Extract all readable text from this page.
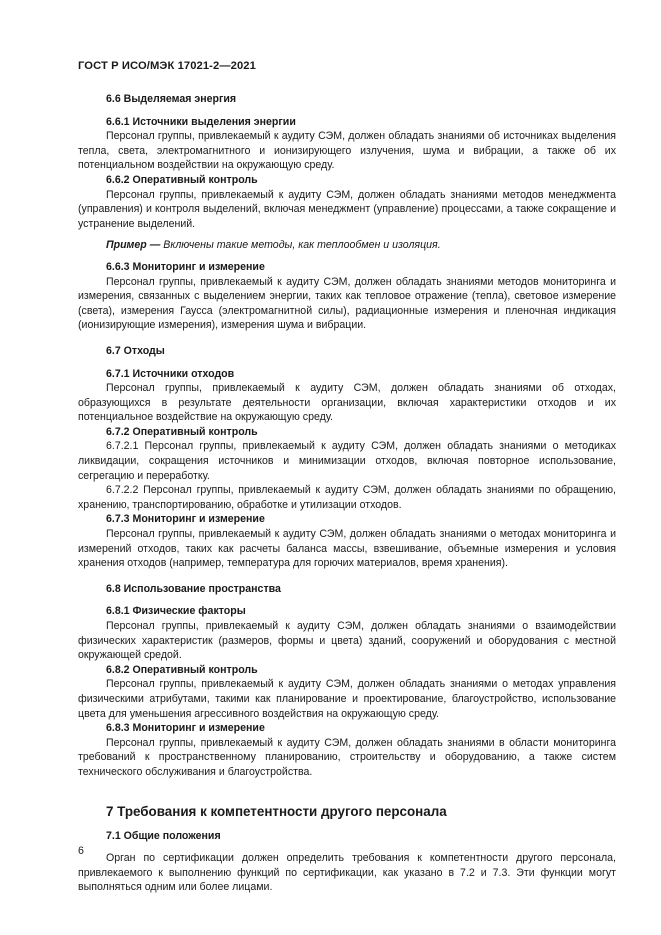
ГОСТ Р ИСО/МЭК 17021-2—2021
6.6 Выделяемая энергия
6.6.1 Источники выделения энергии
Персонал группы, привлекаемый к аудиту СЭМ, должен обладать знаниями об источниках выделения тепла, света, электромагнитного и ионизирующего излучения, шума и вибрации, а также об их потенциальном воздействии на окружающую среду.
6.6.2 Оперативный контроль
Персонал группы, привлекаемый к аудиту СЭМ, должен обладать знаниями методов менеджмента (управления) и контроля выделений, включая менеджмент (управление) процессами, а также сокращение и устранение выделений.
Пример — Включены такие методы, как теплообмен и изоляция.
6.6.3 Мониторинг и измерение
Персонал группы, привлекаемый к аудиту СЭМ, должен обладать знаниями методов мониторинга и измерения, связанных с выделением энергии, таких как тепловое отражение (тепла), световое измерение (света), измерения Гаусса (электромагнитной силы), радиационные измерения и пленочная индикация (ионизирующие измерения), измерения шума и вибрации.
6.7 Отходы
6.7.1 Источники отходов
Персонал группы, привлекаемый к аудиту СЭМ, должен обладать знаниями об отходах, образующихся в результате деятельности организации, включая характеристики отходов и их потенциальное воздействие на окружающую среду.
6.7.2 Оперативный контроль
6.7.2.1 Персонал группы, привлекаемый к аудиту СЭМ, должен обладать знаниями о методиках ликвидации, сокращения источников и минимизации отходов, включая повторное использование, сегрегацию и переработку.
6.7.2.2 Персонал группы, привлекаемый к аудиту СЭМ, должен обладать знаниями по обращению, хранению, транспортированию, обработке и утилизации отходов.
6.7.3 Мониторинг и измерение
Персонал группы, привлекаемый к аудиту СЭМ, должен обладать знаниями о методах мониторинга и измерений отходов, таких как расчеты баланса массы, взвешивание, объемные измерения и условия хранения отходов (например, температура для горючих материалов, время хранения).
6.8 Использование пространства
6.8.1 Физические факторы
Персонал группы, привлекаемый к аудиту СЭМ, должен обладать знаниями о взаимодействии физических характеристик (размеров, формы и цвета) зданий, сооружений и оборудования с местной окружающей средой.
6.8.2 Оперативный контроль
Персонал группы, привлекаемый к аудиту СЭМ, должен обладать знаниями о методах управления физическими атрибутами, такими как планирование и проектирование, благоустройство, использование цвета для уменьшения агрессивного воздействия на окружающую среду.
6.8.3 Мониторинг и измерение
Персонал группы, привлекаемый к аудиту СЭМ, должен обладать знаниями в области мониторинга требований к пространственному планированию, строительству и оборудованию, а также систем технического обслуживания и благоустройства.
7 Требования к компетентности другого персонала
7.1 Общие положения
Орган по сертификации должен определить требования к компетентности другого персонала, привлекаемого к выполнению функций по сертификации, как указано в 7.2 и 7.3. Эти функции могут выполняться одним или более лицами.
6
